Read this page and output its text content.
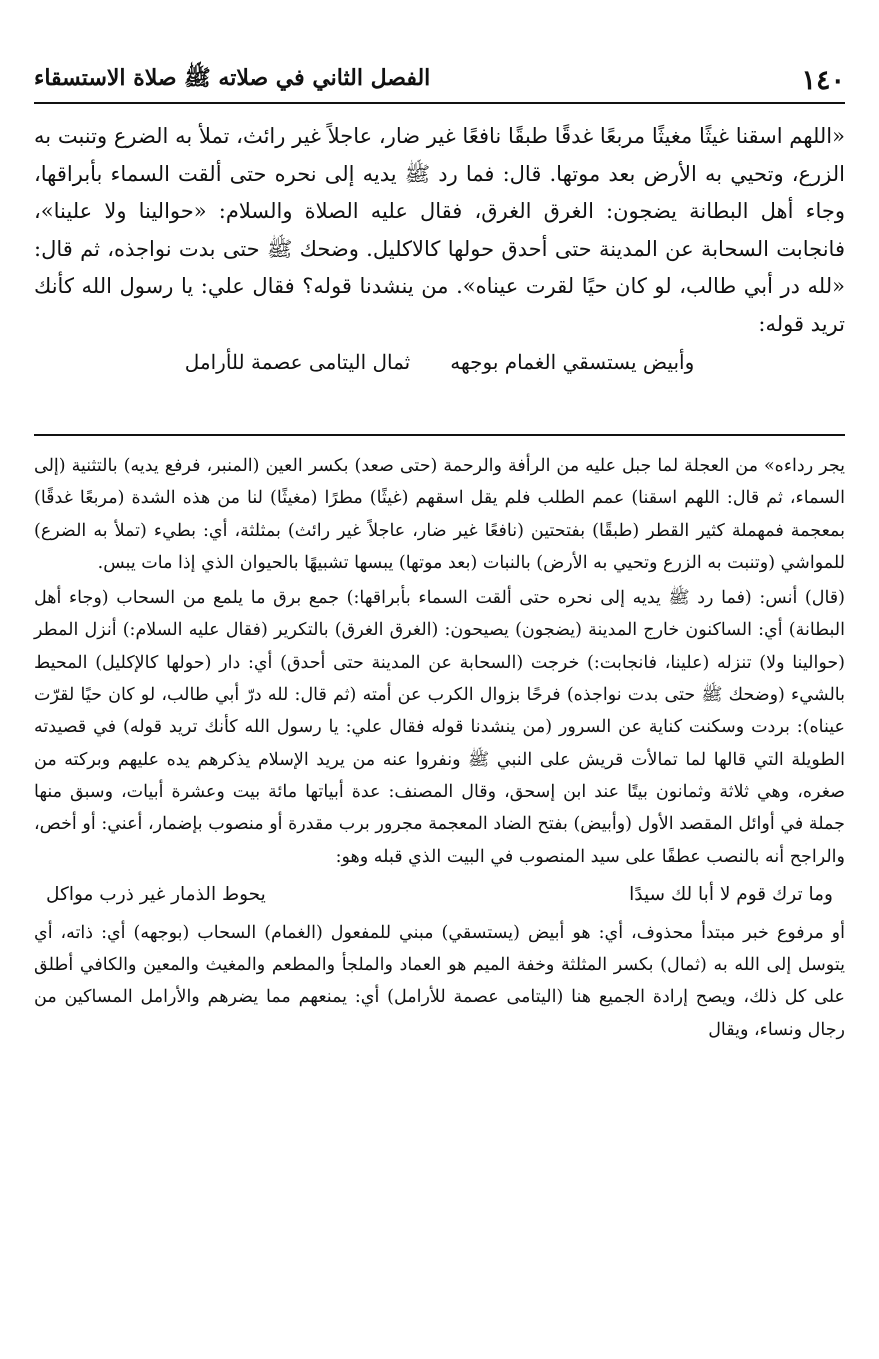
١٤٠
الفصل الثاني في صلاته ﷺ صلاة الاستسقاء

«اللهم اسقنا غيثًا مغيثًا مربعًا غدقًا طبقًا نافعًا غير ضار، عاجلاً غير رائث، تملأ به الضرع وتنبت به الزرع، وتحيي به الأرض بعد موتها. قال: فما رد ﷺ يديه إلى نحره حتى ألقت السماء بأبراقها، وجاء أهل البطانة يضجون: الغرق الغرق، فقال عليه الصلاة والسلام: «حوالينا ولا علينا»، فانجابت السحابة عن المدينة حتى أحدق حولها كالاكليل. وضحك ﷺ حتى بدت نواجذه، ثم قال: «لله در أبي طالب، لو كان حيًا لقرت عيناه». من ينشدنا قوله؟ فقال علي: يا رسول الله كأنك تريد قوله:

وأبيض يستسقي الغمام بوجهه
ثمال اليتامى عصمة للأرامل

يجر رداءه» من العجلة لما جبل عليه من الرأفة والرحمة (حتى صعد) بكسر العين (المنبر، فرفع يديه) بالتثنية (إلى السماء، ثم قال: اللهم اسقنا) عمم الطلب فلم يقل اسقهم (غيثًا) مطرًا (مغيثًا) لنا من هذه الشدة (مربعًا غدقًا) بمعجمة فمهملة كثير القطر (طبقًا) بفتحتين (نافعًا غير ضار، عاجلاً غير رائث) بمثلثة، أي: بطيء (تملأ به الضرع) للمواشي (وتنبت به الزرع وتحيي به الأرض) بالنبات (بعد موتها) يبسها تشبيهًا بالحيوان الذي إذا مات يبس.

(قال) أنس: (فما رد ﷺ يديه إلى نحره حتى ألقت السماء بأبراقها:) جمع برق ما يلمع من السحاب (وجاء أهل البطانة) أي: الساكنون خارج المدينة (يضجون) يصيحون: (الغرق الغرق) بالتكرير (فقال عليه السلام:) أنزل المطر (حوالينا ولا) تنزله (علينا، فانجابت:) خرجت (السحابة عن المدينة حتى أحدق) أي: دار (حولها كالإكليل) المحيط بالشيء (وضحك ﷺ حتى بدت نواجذه) فرحًا بزوال الكرب عن أمته (ثم قال: لله درّ أبي طالب، لو كان حيًا لقرّت عيناه): بردت وسكنت كناية عن السرور (من ينشدنا قوله فقال علي: يا رسول الله كأنك تريد قوله) في قصيدته الطويلة التي قالها لما تمالأت قريش على النبي ﷺ ونفروا عنه من يريد الإسلام يذكرهم يده عليهم وبركته من صغره، وهي ثلاثة وثمانون بيتًا عند ابن إسحق، وقال المصنف: عدة أبياتها مائة بيت وعشرة أبيات، وسبق منها جملة في أوائل المقصد الأول (وأبيض) بفتح الضاد المعجمة مجرور برب مقدرة أو منصوب بإضمار، أعني: أو أخص، والراجح أنه بالنصب عطفًا على سيد المنصوب في البيت الذي قبله وهو:

وما ترك قوم لا أبا لك سيدًا
يحوط الذمار غير ذرب مواكل

أو مرفوع خبر مبتدأ محذوف، أي: هو أبيض (يستسقي) مبني للمفعول (الغمام) السحاب (بوجهه) أي: ذاته، أي يتوسل إلى الله به (ثمال) بكسر المثلثة وخفة الميم هو العماد والملجأ والمطعم والمغيث والمعين والكافي أطلق على كل ذلك، ويصح إرادة الجميع هنا (اليتامى عصمة للأرامل) أي: يمنعهم مما يضرهم والأرامل المساكين من رجال ونساء، ويقال
